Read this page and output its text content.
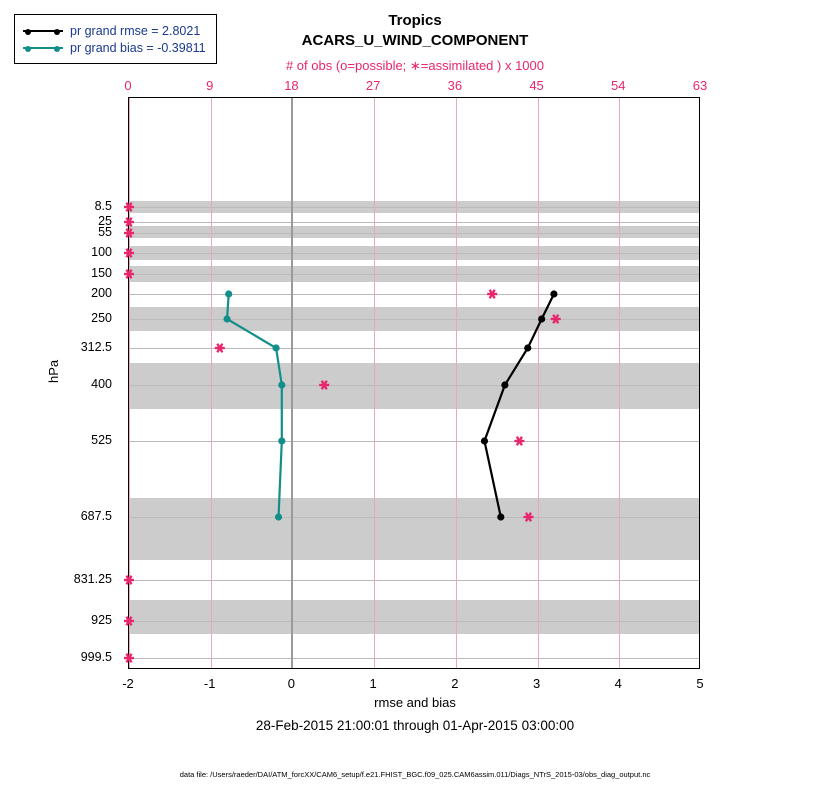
Tropics
ACARS_U_WIND_COMPONENT
# of obs (o=possible; ∗=assimilated ) x 1000
hPa
rmse and bias
28-Feb-2015 21:00:01 through 01-Apr-2015 03:00:00
data file: /Users/raeder/DAI/ATM_forcXX/CAM6_setup/f.e21.FHIST_BGC.f09_025.CAM6assim.011/Diags_NTrS_2015-03/obs_diag_output.nc
8.5
25
55
100
150
200
250
312.5
400
525
687.5
831.25
925
999.5
-2	-1	0	1	2	3	4	5
0	9	18	27	36	45	54	63
pr grand rmse = 2.8021
pr grand bias = -0.39811
